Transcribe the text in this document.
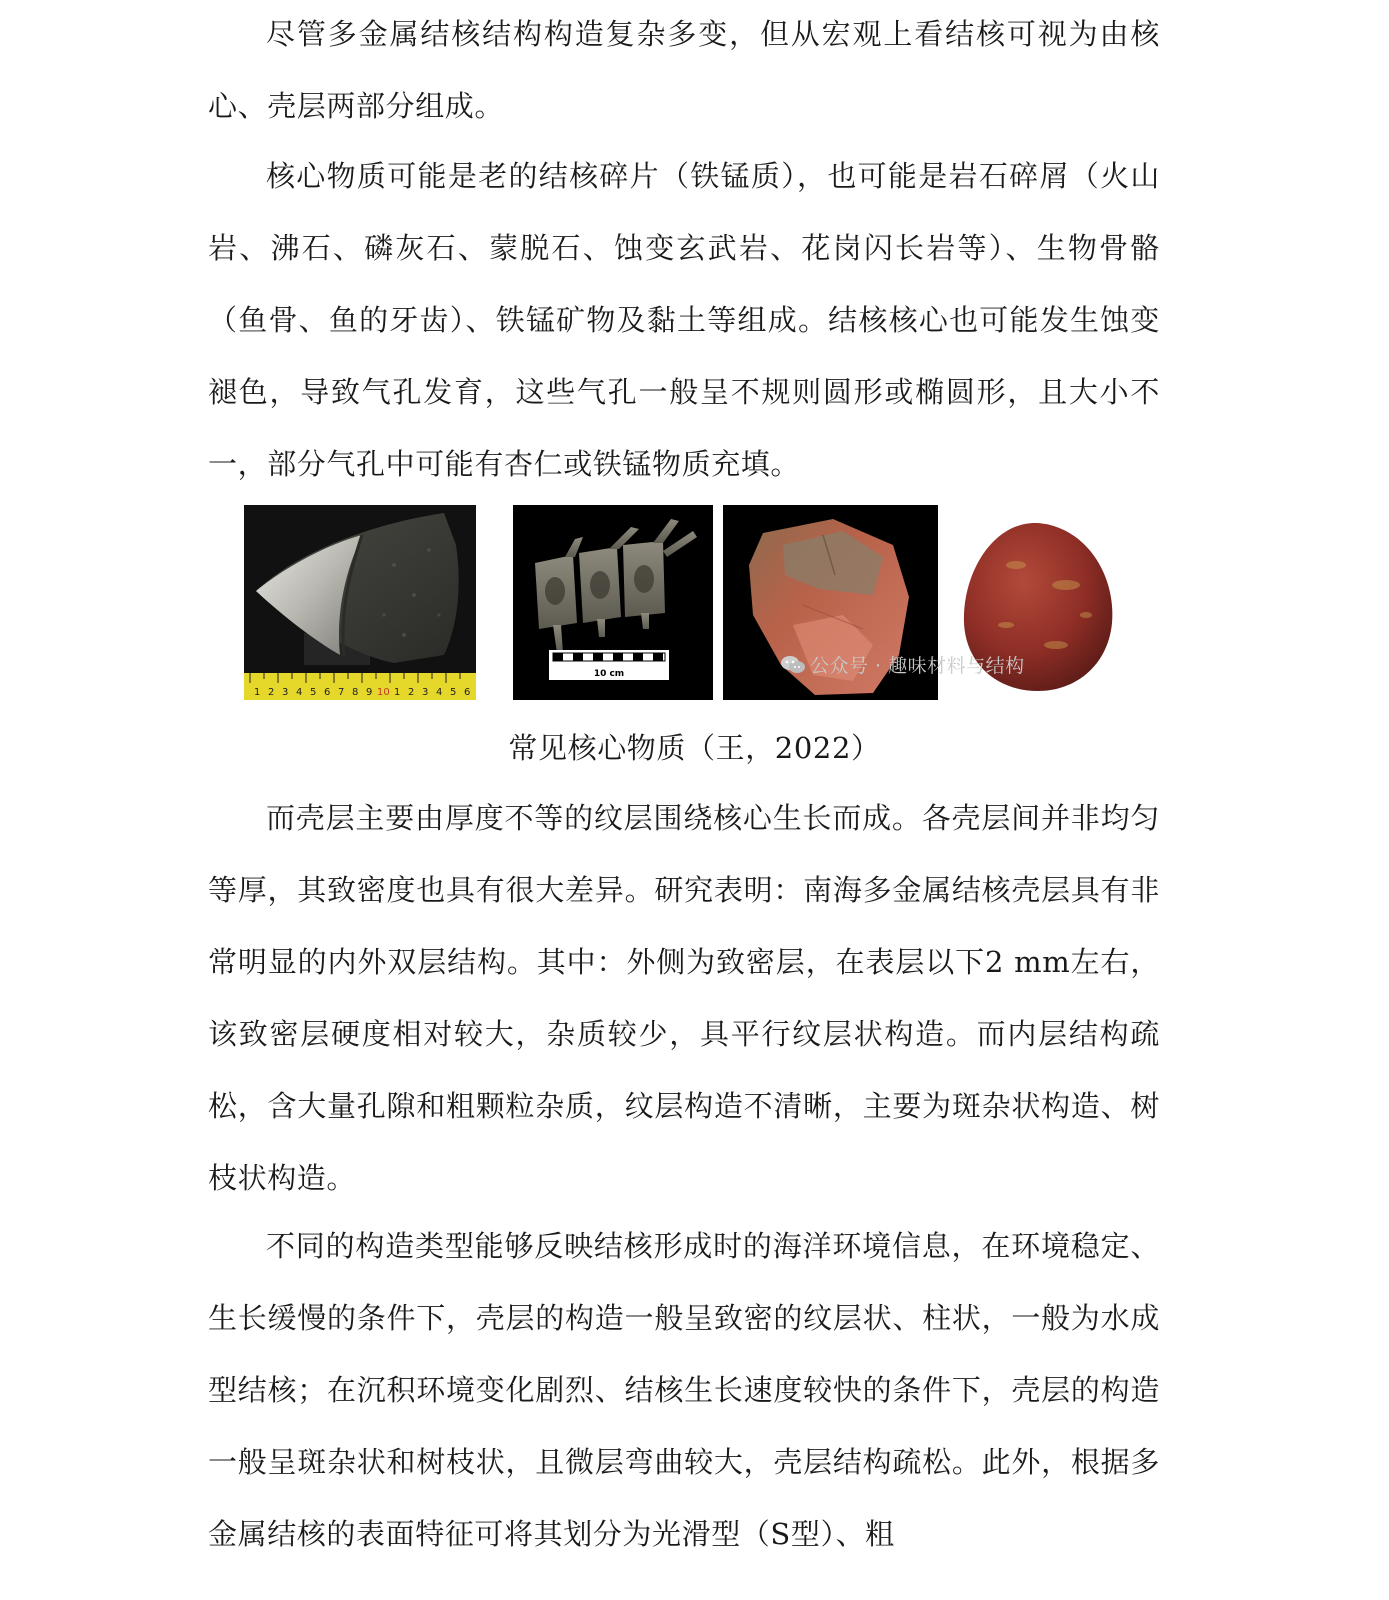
尽管多金属结核结构构造复杂多变，但从宏观上看结核可视为由核心、壳层两部分组成。

核心物质可能是老的结核碎片（铁锰质），也可能是岩石碎屑（火山岩、沸石、磷灰石、蒙脱石、蚀变玄武岩、花岗闪长岩等）、生物骨骼（鱼骨、鱼的牙齿）、铁锰矿物及黏土等组成。结核核心也可能发生蚀变褪色，导致气孔发育，这些气孔一般呈不规则圆形或椭圆形，且大小不一，部分气孔中可能有杏仁或铁锰物质充填。

1 2 3 4 5 6 7 8 9 10 1 2 3 4 5 6
10 cm	公众号 · 趣味材料与结构
常见核心物质（王，2022）

而壳层主要由厚度不等的纹层围绕核心生长而成。各壳层间并非均匀等厚，其致密度也具有很大差异。研究表明：南海多金属结核壳层具有非常明显的内外双层结构。其中：外侧为致密层，在表层以下2 mm左右，该致密层硬度相对较大，杂质较少，具平行纹层状构造。而内层结构疏松，含大量孔隙和粗颗粒杂质，纹层构造不清晰，主要为斑杂状构造、树枝状构造。

不同的构造类型能够反映结核形成时的海洋环境信息，在环境稳定、生长缓慢的条件下，壳层的构造一般呈致密的纹层状、柱状，一般为水成型结核；在沉积环境变化剧烈、结核生长速度较快的条件下，壳层的构造一般呈斑杂状和树枝状，且微层弯曲较大，壳层结构疏松。此外，根据多金属结核的表面特征可将其划分为光滑型（S型）、粗
